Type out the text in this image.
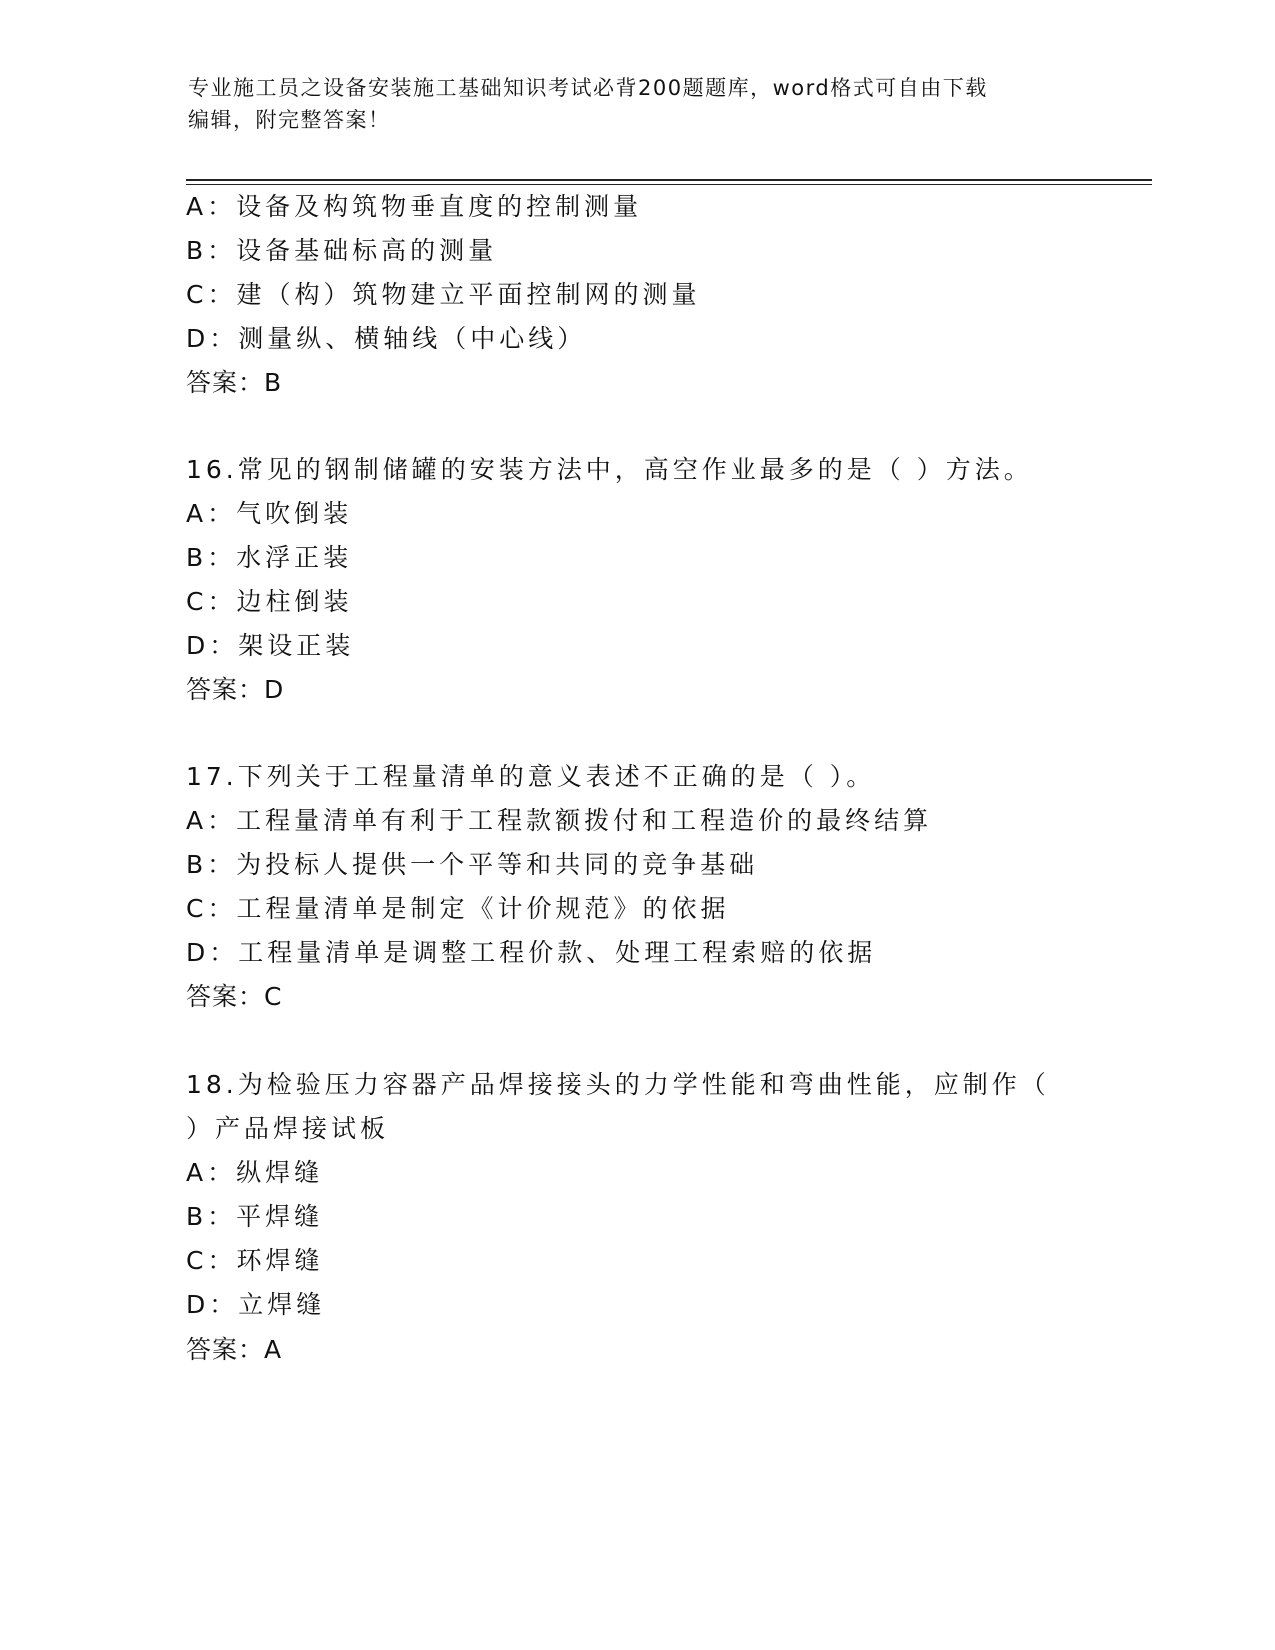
专业施工员之设备安装施工基础知识考试必背200题题库，word格式可自由下载
编辑，附完整答案！
A：设备及构筑物垂直度的控制测量
B：设备基础标高的测量
C：建（构）筑物建立平面控制网的测量
D：测量纵、横轴线（中心线）
答案：B
16.常见的钢制储罐的安装方法中，高空作业最多的是（ ）方法。
A：气吹倒装
B：水浮正装
C：边柱倒装
D：架设正装
答案：D
17.下列关于工程量清单的意义表述不正确的是（ ）。
A：工程量清单有利于工程款额拨付和工程造价的最终结算
B：为投标人提供一个平等和共同的竞争基础
C：工程量清单是制定《计价规范》的依据
D：工程量清单是调整工程价款、处理工程索赔的依据
答案：C
18.为检验压力容器产品焊接接头的力学性能和弯曲性能，应制作（
）产品焊接试板
A：纵焊缝
B：平焊缝
C：环焊缝
D：立焊缝
答案：A
